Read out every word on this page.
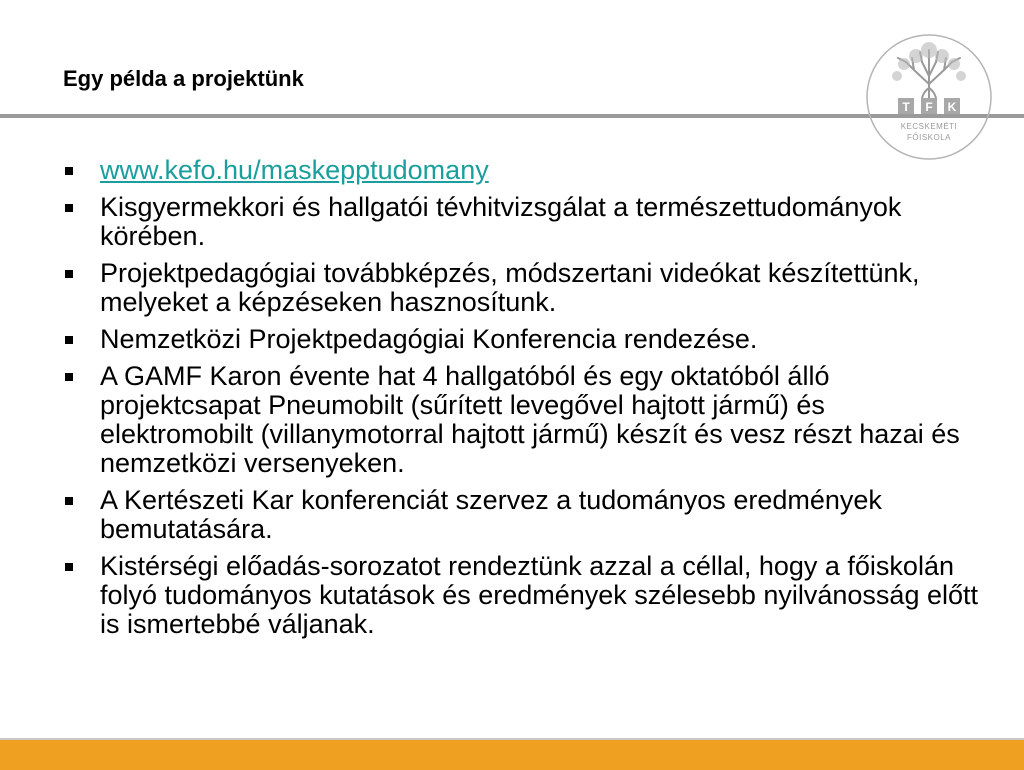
Egy példa a projektünk
T F K
KECSKEMÉTI
FŐISKOLA
www.kefo.hu/maskepptudomany
Kisgyermekkori és hallgatói tévhitvizsgálat a természettudományok körében.
Projektpedagógiai továbbképzés, módszertani videókat készítettünk, melyeket a képzéseken hasznosítunk.
Nemzetközi Projektpedagógiai Konferencia rendezése.
A GAMF Karon évente hat 4 hallgatóból és egy oktatóból álló projektcsapat Pneumobilt (sűrített levegővel hajtott jármű) és elektromobilt (villanymotorral hajtott jármű) készít és vesz részt hazai és nemzetközi versenyeken.
A Kertészeti Kar konferenciát szervez a tudományos eredmények bemutatására.
Kistérségi előadás-sorozatot rendeztünk azzal a céllal, hogy a főiskolán folyó tudományos kutatások és eredmények szélesebb nyilvánosság előtt is ismertebbé váljanak.
